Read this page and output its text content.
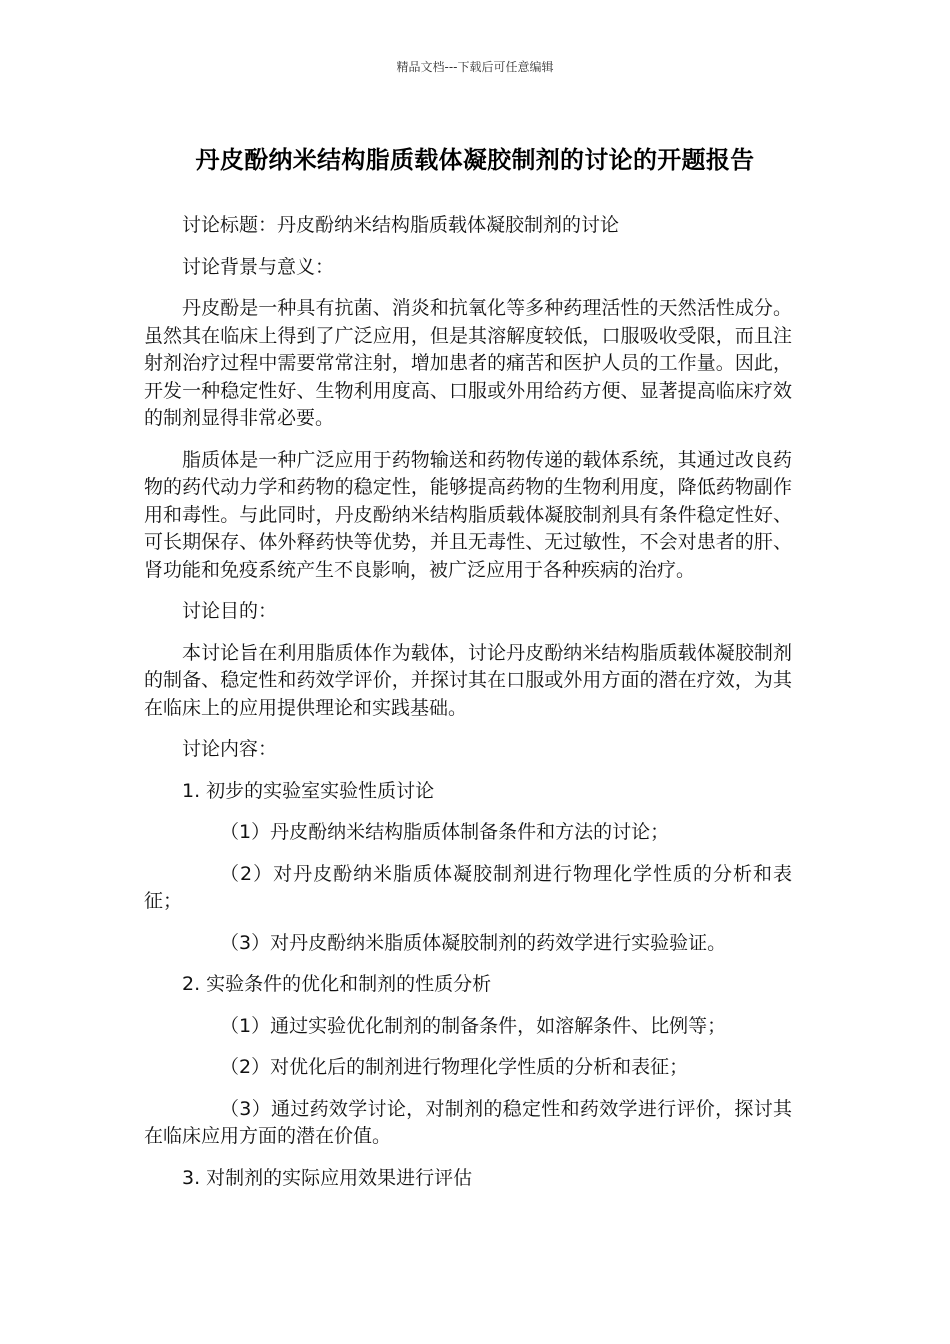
精品文档---下载后可任意编辑
丹皮酚纳米结构脂质载体凝胶制剂的讨论的开题报告

讨论标题：丹皮酚纳米结构脂质载体凝胶制剂的讨论

讨论背景与意义：

丹皮酚是一种具有抗菌、消炎和抗氧化等多种药理活性的天然活性成分。虽然其在临床上得到了广泛应用，但是其溶解度较低，口服吸收受限，而且注射剂治疗过程中需要常常注射，增加患者的痛苦和医护人员的工作量。因此，开发一种稳定性好、生物利用度高、口服或外用给药方便、显著提高临床疗效的制剂显得非常必要。

脂质体是一种广泛应用于药物输送和药物传递的载体系统，其通过改良药物的药代动力学和药物的稳定性，能够提高药物的生物利用度，降低药物副作用和毒性。与此同时，丹皮酚纳米结构脂质载体凝胶制剂具有条件稳定性好、可长期保存、体外释药快等优势，并且无毒性、无过敏性，不会对患者的肝、肾功能和免疫系统产生不良影响，被广泛应用于各种疾病的治疗。

讨论目的：

本讨论旨在利用脂质体作为载体，讨论丹皮酚纳米结构脂质载体凝胶制剂的制备、稳定性和药效学评价，并探讨其在口服或外用方面的潜在疗效，为其在临床上的应用提供理论和实践基础。

讨论内容：

1. 初步的实验室实验性质讨论

（1）丹皮酚纳米结构脂质体制备条件和方法的讨论；

（2）对丹皮酚纳米脂质体凝胶制剂进行物理化学性质的分析和表征；

（3）对丹皮酚纳米脂质体凝胶制剂的药效学进行实验验证。

2. 实验条件的优化和制剂的性质分析

（1）通过实验优化制剂的制备条件，如溶解条件、比例等；

（2）对优化后的制剂进行物理化学性质的分析和表征；

（3）通过药效学讨论，对制剂的稳定性和药效学进行评价，探讨其在临床应用方面的潜在价值。

3. 对制剂的实际应用效果进行评估
